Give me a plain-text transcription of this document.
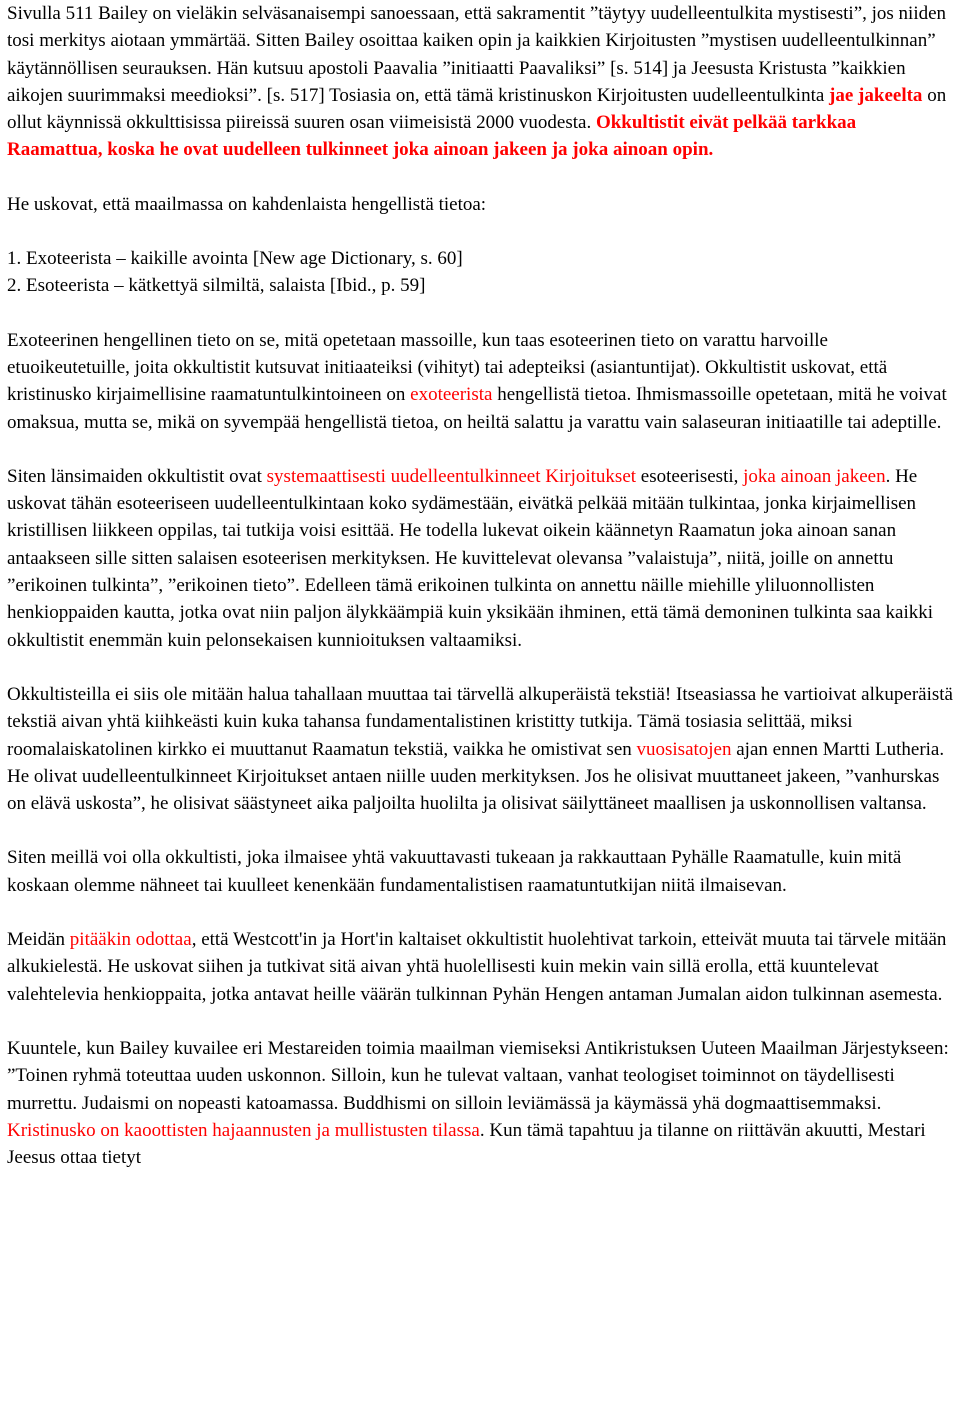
Sivulla 511 Bailey on vieläkin selväsanaisempi sanoessaan, että sakramentit ”täytyy uudelleentulkita mystisesti”, jos niiden tosi merkitys aiotaan ymmärtää. Sitten Bailey osoittaa kaiken opin ja kaikkien Kirjoitusten ”mystisen uudelleentulkinnan” käytännöllisen seurauksen. Hän kutsuu apostoli Paavalia ”initiaatti Paavaliksi” [s. 514] ja Jeesusta Kristusta ”kaikkien aikojen suurimmaksi meedioksi”. [s. 517] Tosiasia on, että tämä kristinuskon Kirjoitusten uudelleentulkinta jae jakeelta on ollut käynnissä okkulttisissa piireissä suuren osan viimeisistä 2000 vuodesta. Okkultistit eivät pelkää tarkkaa Raamattua, koska he ovat uudelleen tulkinneet joka ainoan jakeen ja joka ainoan opin.

He uskovat, että maailmassa on kahdenlaista hengellistä tietoa:

1. Exoteerista – kaikille avointa [New age Dictionary, s. 60]
2. Esoteerista – kätkettyä silmiltä, salaista [Ibid., p. 59]

Exoteerinen hengellinen tieto on se, mitä opetetaan massoille, kun taas esoteerinen tieto on varattu harvoille etuoikeutetuille, joita okkultistit kutsuvat initiaateiksi (vihityt) tai adepteiksi (asiantuntijat). Okkultistit uskovat, että kristinusko kirjaimellisine raamatuntulkintoineen on exoteerista hengellistä tietoa. Ihmismassoille opetetaan, mitä he voivat omaksua, mutta se, mikä on syvempää hengellistä tietoa, on heiltä salattu ja varattu vain salaseuran initiaatille tai adeptille.

Siten länsimaiden okkultistit ovat systemaattisesti uudelleentulkinneet Kirjoitukset esoteerisesti, joka ainoan jakeen. He uskovat tähän esoteeriseen uudelleentulkintaan koko sydämestään, eivätkä pelkää mitään tulkintaa, jonka kirjaimellisen kristillisen liikkeen oppilas, tai tutkija voisi esittää. He todella lukevat oikein käännetyn Raamatun joka ainoan sanan antaakseen sille sitten salaisen esoteerisen merkityksen. He kuvittelevat olevansa ”valaistuja”, niitä, joille on annettu ”erikoinen tulkinta”, ”erikoinen tieto”. Edelleen tämä erikoinen tulkinta on annettu näille miehille yliluonnollisten henkioppaiden kautta, jotka ovat niin paljon älykkäämpiä kuin yksikään ihminen, että tämä demoninen tulkinta saa kaikki okkultistit enemmän kuin pelonsekaisen kunnioituksen valtaamiksi.

Okkultisteilla ei siis ole mitään halua tahallaan muuttaa tai tärvellä alkuperäistä tekstiä! Itseasiassa he vartioivat alkuperäistä tekstiä aivan yhtä kiihkeästi kuin kuka tahansa fundamentalistinen kristitty tutkija. Tämä tosiasia selittää, miksi roomalaiskatolinen kirkko ei muuttanut Raamatun tekstiä, vaikka he omistivat sen vuosisatojen ajan ennen Martti Lutheria. He olivat uudelleentulkinneet Kirjoitukset antaen niille uuden merkityksen. Jos he olisivat muuttaneet jakeen, ”vanhurskas on elävä uskosta”, he olisivat säästyneet aika paljoilta huolilta ja olisivat säilyttäneet maallisen ja uskonnollisen valtansa.

Siten meillä voi olla okkultisti, joka ilmaisee yhtä vakuuttavasti tukeaan ja rakkauttaan Pyhälle Raamatulle, kuin mitä koskaan olemme nähneet tai kuulleet kenenkään fundamentalistisen raamatuntutkijan niitä ilmaisevan.

Meidän pitääkin odottaa, että Westcott'in ja Hort'in kaltaiset okkultistit huolehtivat tarkoin, etteivät muuta tai tärvele mitään alkukielestä. He uskovat siihen ja tutkivat sitä aivan yhtä huolellisesti kuin mekin vain sillä erolla, että kuuntelevat valehtelevia henkioppaita, jotka antavat heille väärän tulkinnan Pyhän Hengen antaman Jumalan aidon tulkinnan asemesta.

Kuuntele, kun Bailey kuvailee eri Mestareiden toimia maailman viemiseksi Antikristuksen Uuteen Maailman Järjestykseen: ”Toinen ryhmä toteuttaa uuden uskonnon. Silloin, kun he tulevat valtaan, vanhat teologiset toiminnot on täydellisesti murrettu. Judaismi on nopeasti katoamassa. Buddhismi on silloin leviämässä ja käymässä yhä dogmaattisemmaksi. Kristinusko on kaoottisten hajaannusten ja mullistusten tilassa. Kun tämä tapahtuu ja tilanne on riittävän akuutti, Mestari Jeesus ottaa tietyt
